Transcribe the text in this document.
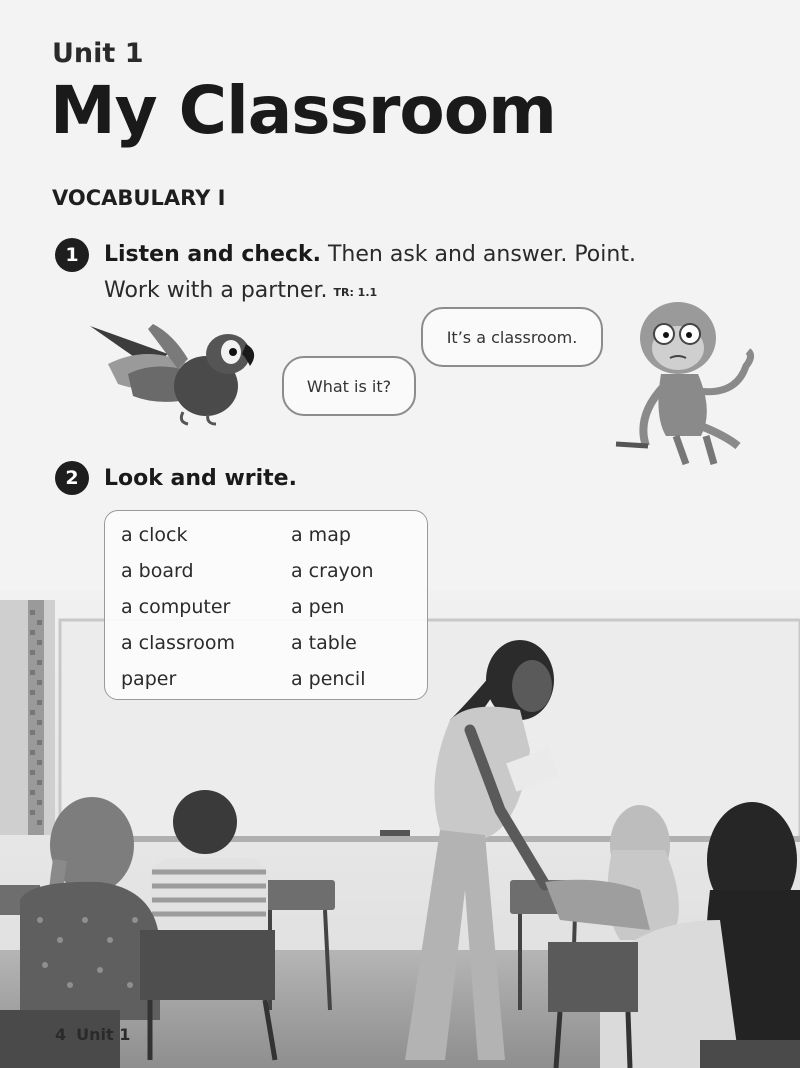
Unit 1
My Classroom
VOCABULARY I
1	Listen and check. Then ask and answer. Point.
Work with a partner. TR: 1.1
What is it?
It’s a classroom.
2	Look and write.
a clock	a map
a board	a crayon
a computer	a pen
a classroom	a table
paper	a pencil
4 Unit 1
